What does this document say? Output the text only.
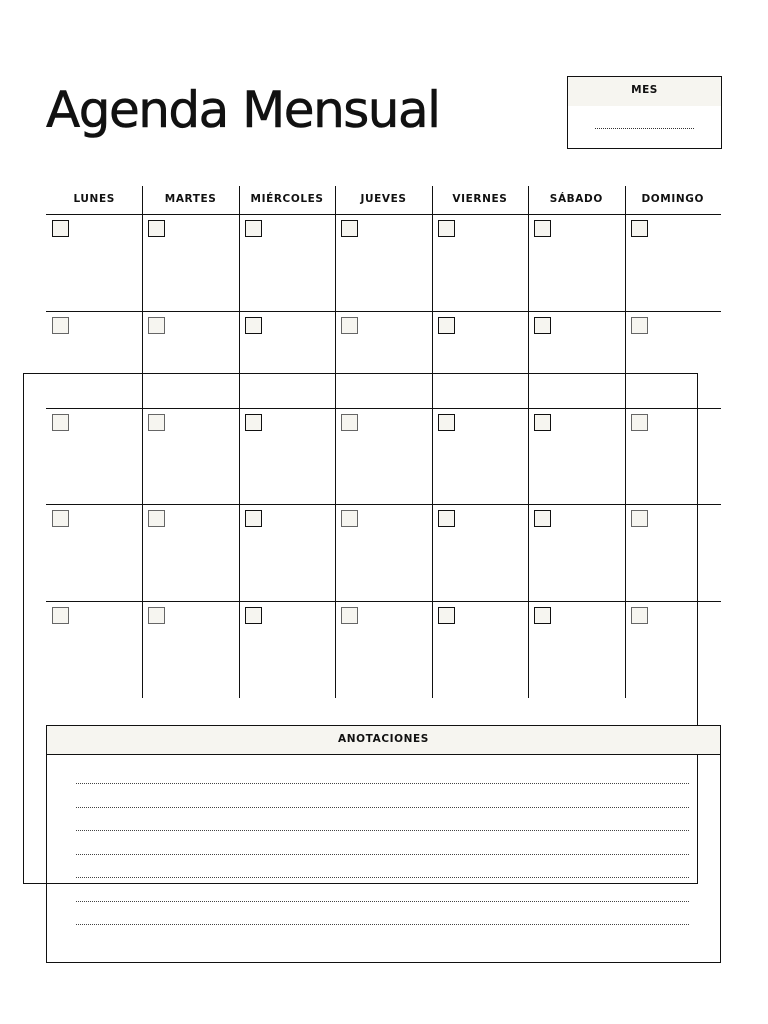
Agenda Mensual	MES
LUNES	MARTES	MIÉRCOLES	JUEVES	VIERNES	SÁBADO	DOMINGO
ANOTACIONES
